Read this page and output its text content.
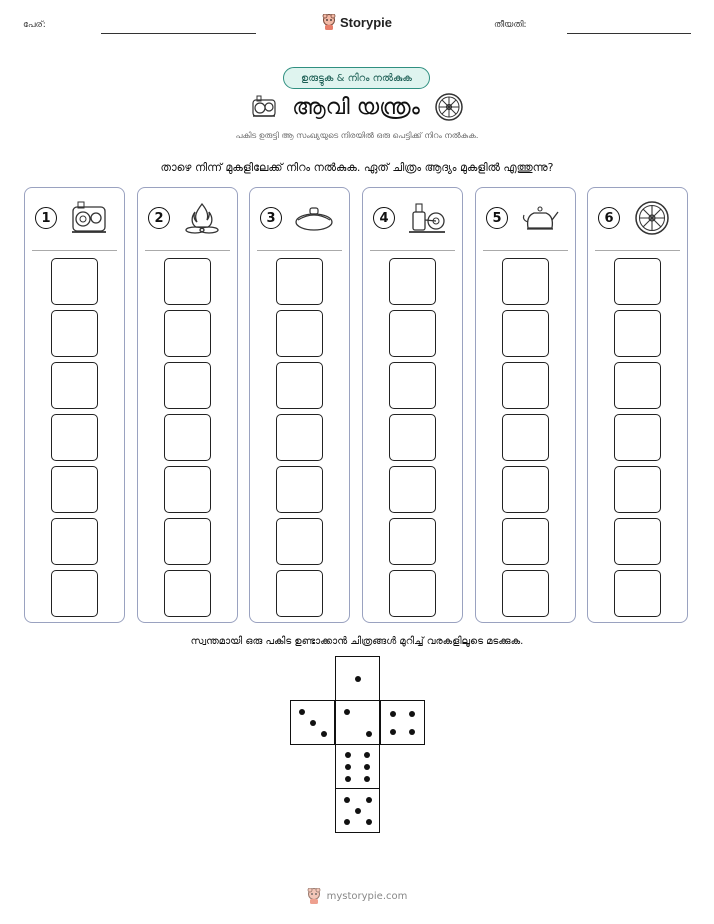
പേര്:	Storypie	തീയതി:
ഉരുട്ടുക & നിറം നൽകുക
ആവി യന്ത്രം
പകിട ഉരുട്ടി ആ സംഖ്യയുടെ നിരയിൽ ഒരു പെട്ടിക്ക് നിറം നൽകുക.
താഴെ നിന്ന് മുകളിലേക്ക് നിറം നൽകുക. ഏത് ചിത്രം ആദ്യം മുകളിൽ എത്തുന്നു?
1	2	3	4	5	6
സ്വന്തമായി ഒരു പകിട ഉണ്ടാക്കാൻ ചിത്രങ്ങൾ മുറിച്ച് വരകളിലൂടെ മടക്കുക.
mystorypie.com
